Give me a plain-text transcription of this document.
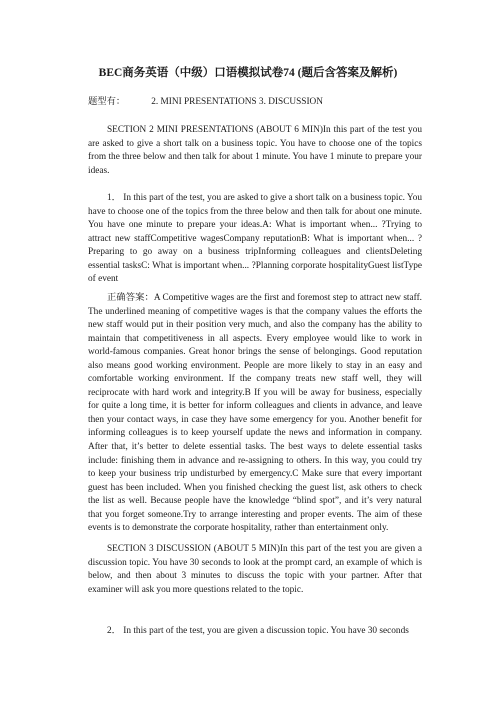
BEC商务英语（中级）口语模拟试卷74 (题后含答案及解析)
题型有：	2. MINI PRESENTATIONS 3. DISCUSSION

SECTION 2 MINI PRESENTATIONS (ABOUT 6 MIN)In this part of the test you are asked to give a short talk on a business topic. You have to choose one of the topics from the three below and then talk for about 1 minute. You have 1 minute to prepare your ideas.

1． In this part of the test, you are asked to give a short talk on a business topic. You have to choose one of the topics from the three below and then talk for about one minute. You have one minute to prepare your ideas.A: What is important when... ?Trying to attract new staffCompetitive wagesCompany reputationB: What is important when... ?Preparing to go away on a business tripInforming colleagues and clientsDeleting essential tasksC: What is important when... ?Planning corporate hospitalityGuest listType of event

正确答案：A Competitive wages are the first and foremost step to attract new staff. The underlined meaning of competitive wages is that the company values the efforts the new staff would put in their position very much, and also the company has the ability to maintain that competitiveness in all aspects. Every employee would like to work in world-famous companies. Great honor brings the sense of belongings. Good reputation also means good working environment. People are more likely to stay in an easy and comfortable working environment. If the company treats new staff well, they will reciprocate with hard work and integrity.B If you will be away for business, especially for quite a long time, it is better for inform colleagues and clients in advance, and leave then your contact ways, in case they have some emergency for you. Another benefit for informing colleagues is to keep yourself update the news and information in company. After that, it’s better to delete essential tasks. The best ways to delete essential tasks include: finishing them in advance and re-assigning to others. In this way, you could try to keep your business trip undisturbed by emergency.C Make sure that every important guest has been included. When you finished checking the guest list, ask others to check the list as well. Because people have the knowledge “blind spot”, and it’s very natural that you forget someone.Try to arrange interesting and proper events. The aim of these events is to demonstrate the corporate hospitality, rather than entertainment only.

SECTION 3 DISCUSSION (ABOUT 5 MIN)In this part of the test you are given a discussion topic. You have 30 seconds to look at the prompt card, an example of which is below, and then about 3 minutes to discuss the topic with your partner. After that examiner will ask you more questions related to the topic.

2． In this part of the test, you are given a discussion topic. You have 30 seconds
